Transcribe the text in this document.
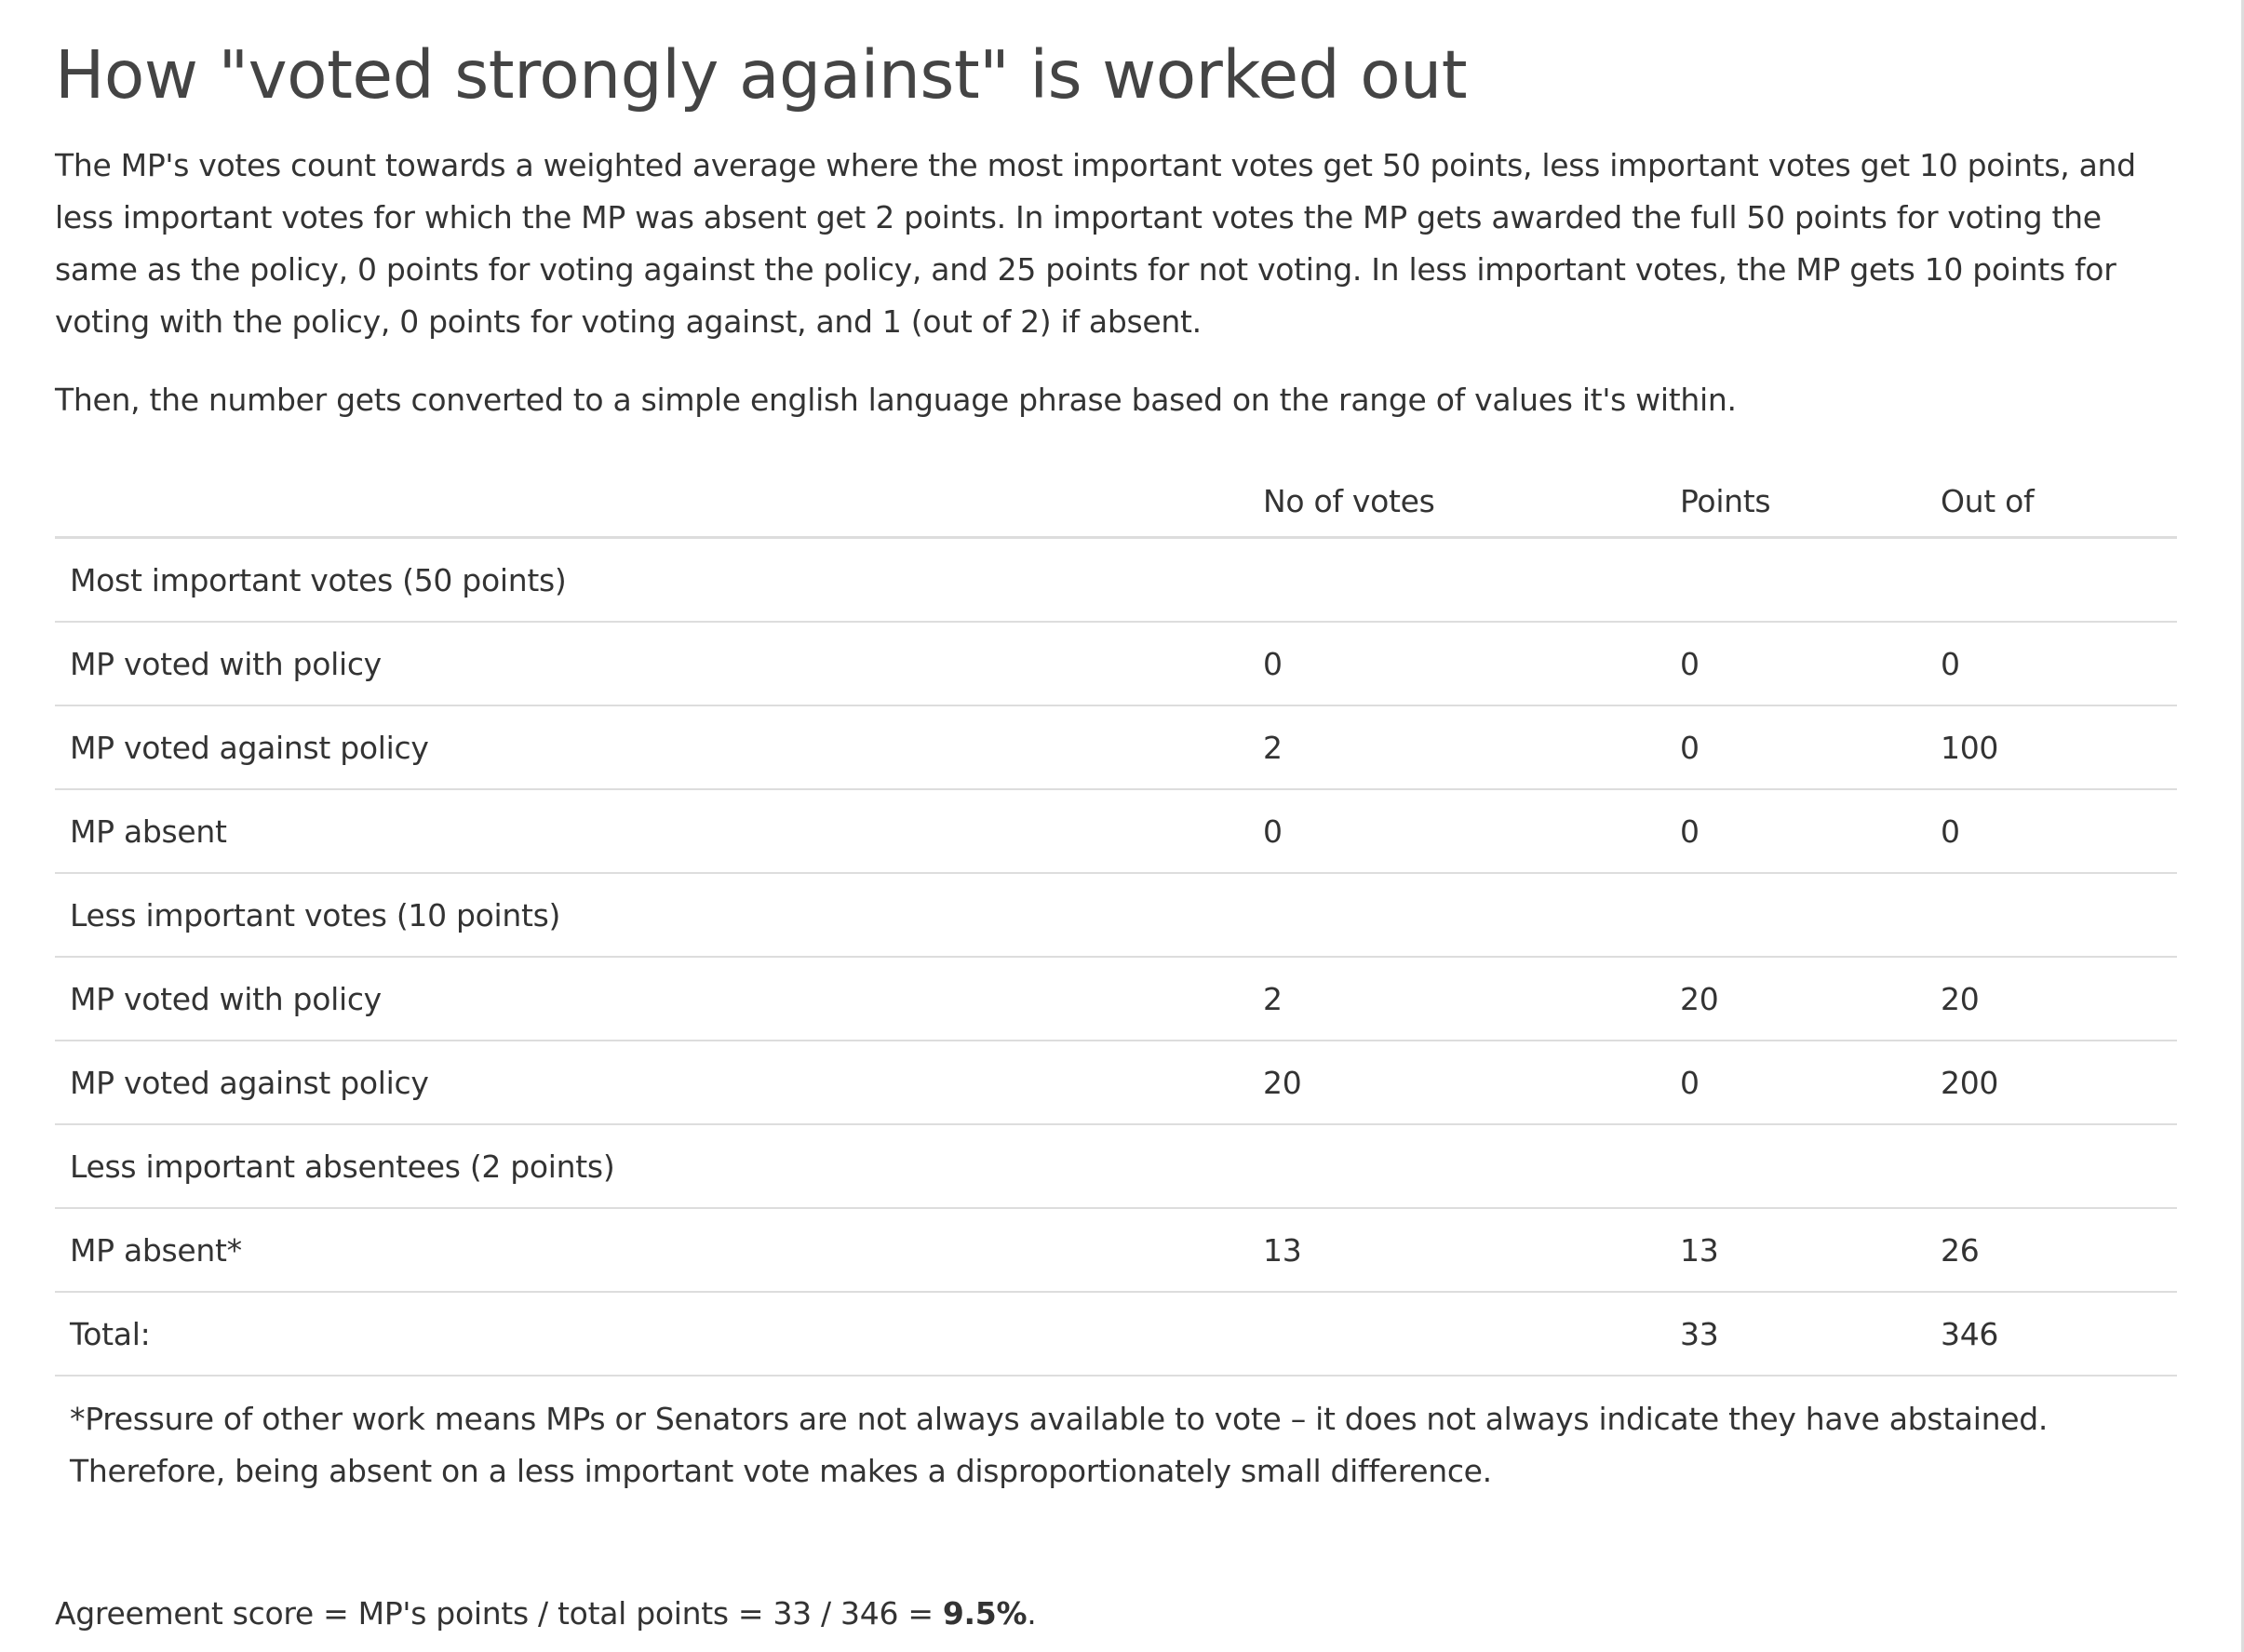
How "voted strongly against" is worked out

The MP's votes count towards a weighted average where the most important votes get 50 points, less important votes get 10 points, and less important votes for which the MP was absent get 2 points. In important votes the MP gets awarded the full 50 points for voting the same as the policy, 0 points for voting against the policy, and 25 points for not voting. In less important votes, the MP gets 10 points for voting with the policy, 0 points for voting against, and 1 (out of 2) if absent.

Then, the number gets converted to a simple english language phrase based on the range of values it's within.

	No of votes	Points	Out of
Most important votes (50 points)			
MP voted with policy	0	0	0
MP voted against policy	2	0	100
MP absent	0	0	0
Less important votes (10 points)			
MP voted with policy	2	20	20
MP voted against policy	20	0	200
Less important absentees (2 points)			
MP absent*	13	13	26
Total:		33	346
*Pressure of other work means MPs or Senators are not always available to vote – it does not always indicate they have abstained. Therefore, being absent on a less important vote makes a disproportionately small difference.			

Agreement score = MP's points / total points = 33 / 346 = 9.5%.
